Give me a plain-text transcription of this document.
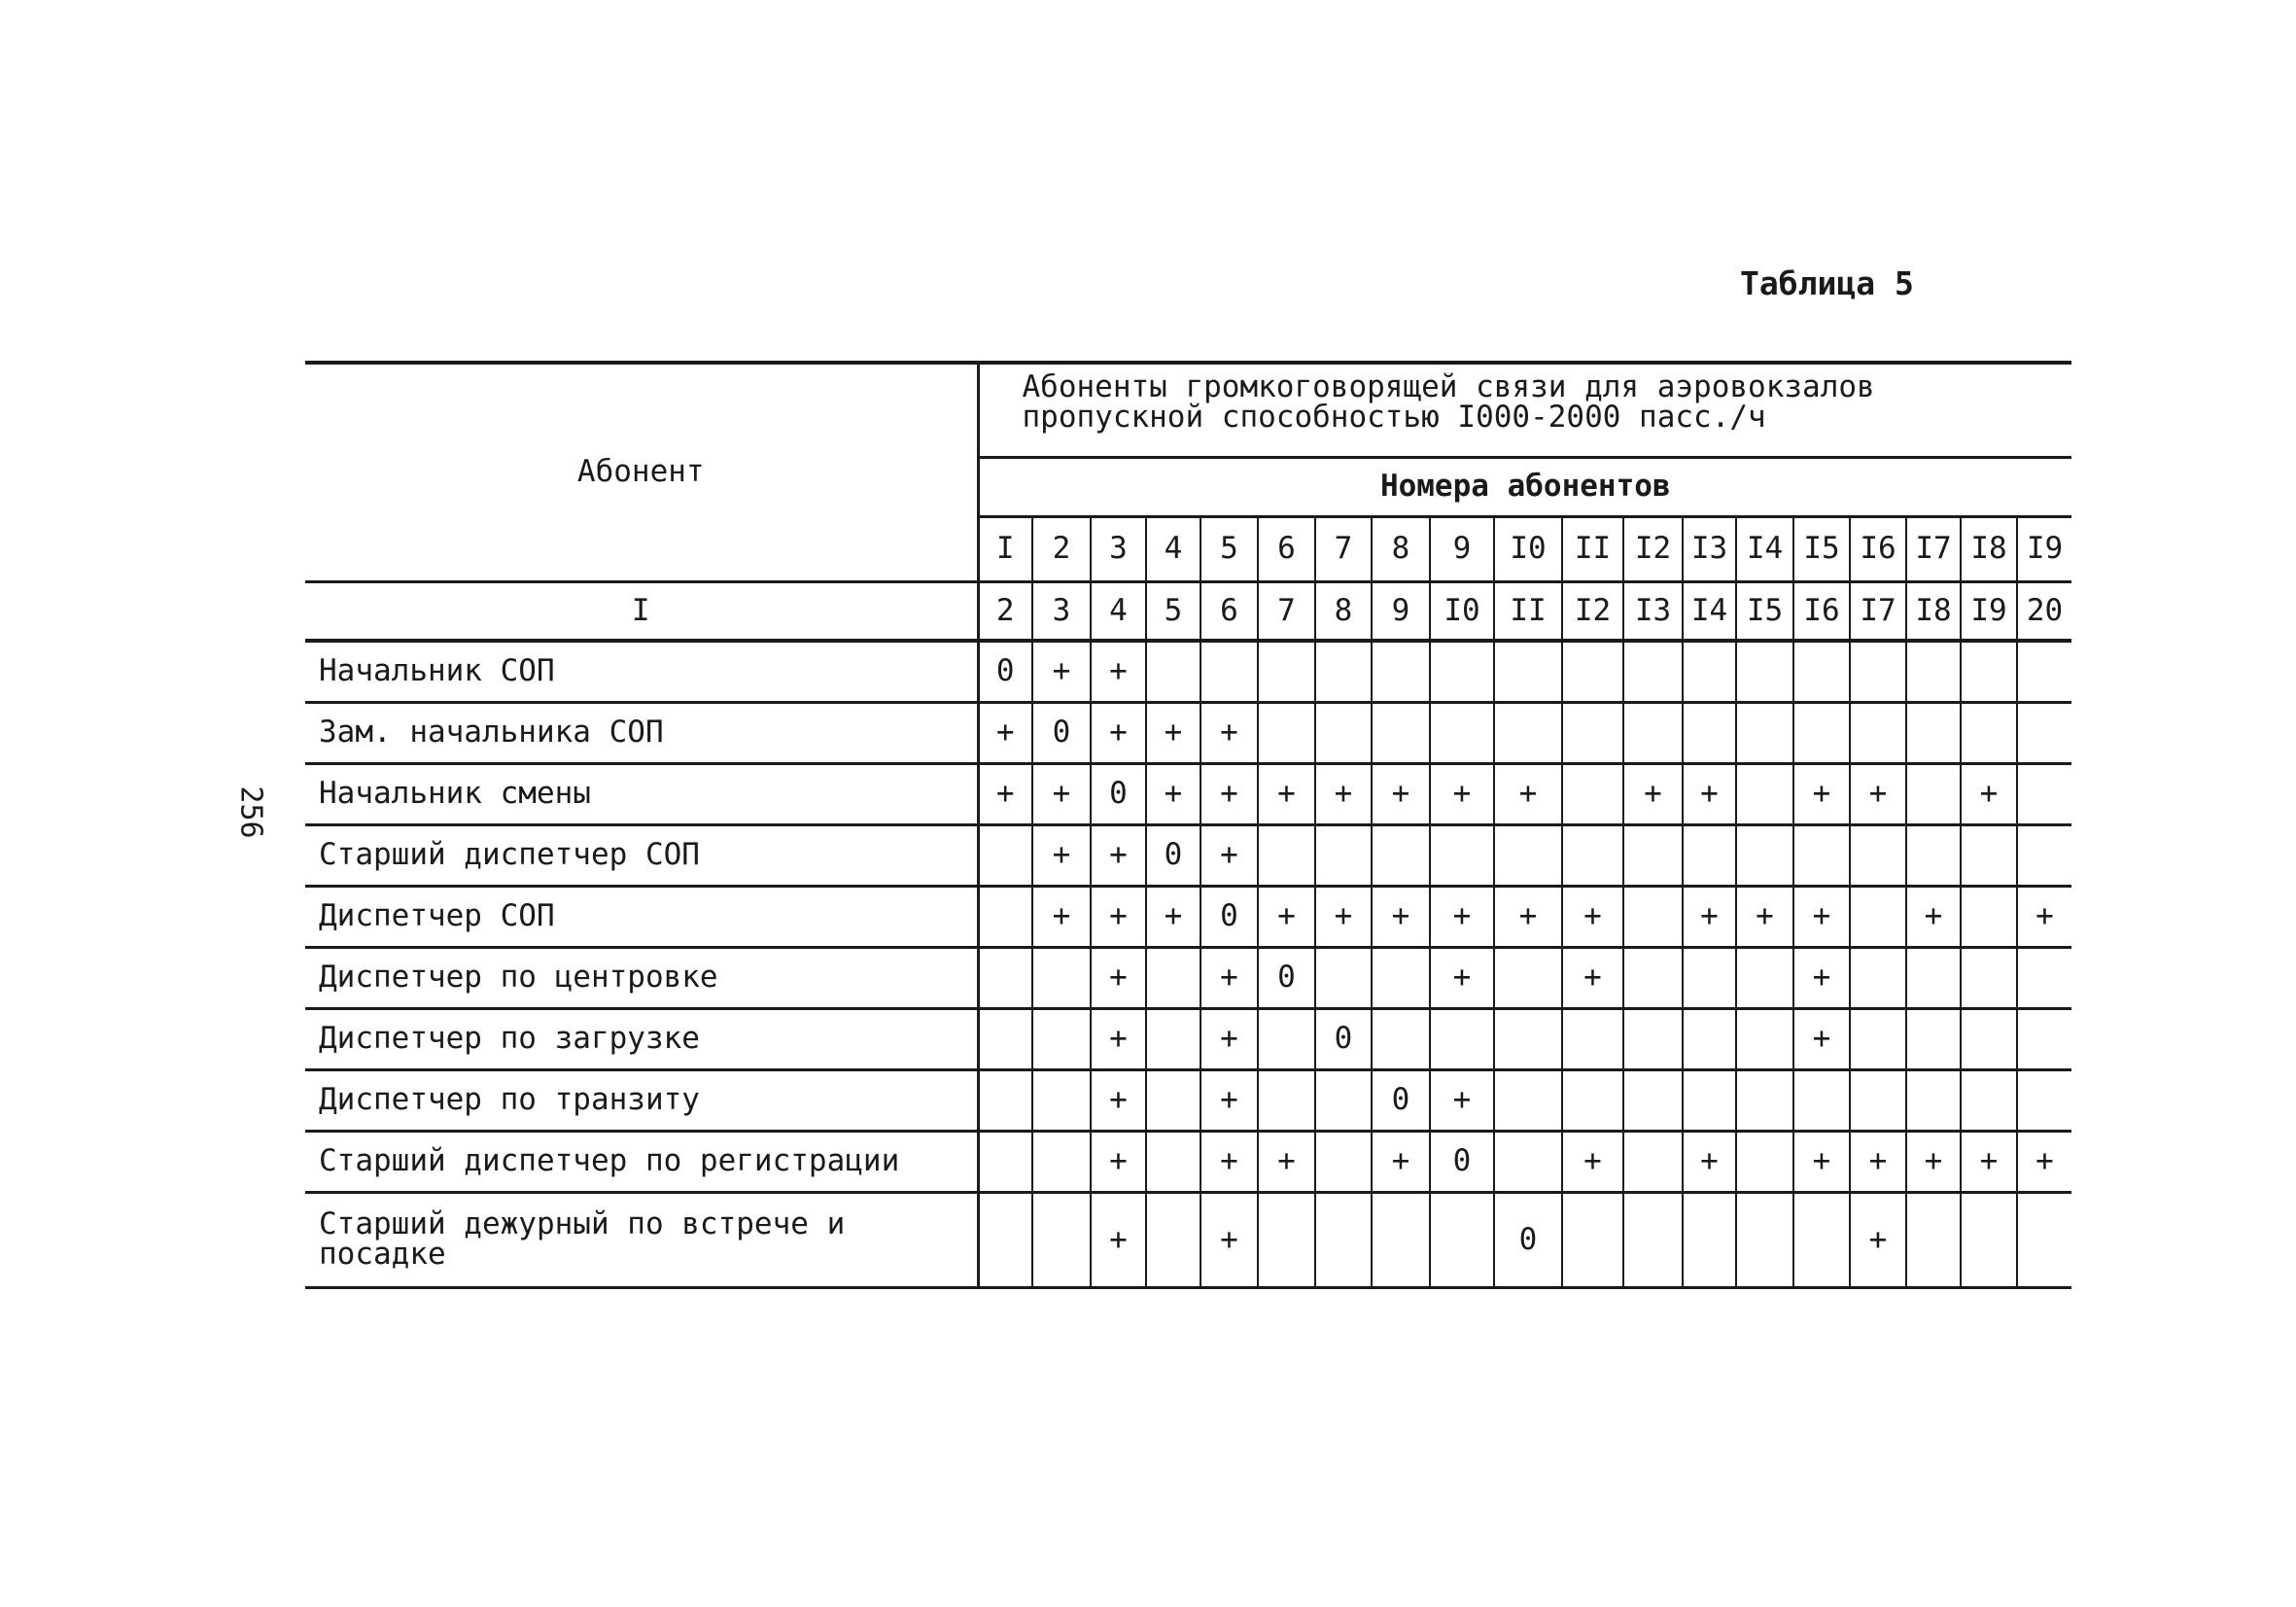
256
Таблица 5
Абонент	Абоненты громкоговорящей связи для аэровокзалов пропускной способностью I000-2000 пасс./ч																		
	Номера абонентов																		
	I	2	3	4	5	6	7	8	9	I0	II	I2	I3	I4	I5	I6	I7	I8	I9
I	2	3	4	5	6	7	8	9	I0	II	I2	I3	I4	I5	I6	I7	I8	I9	20
Начальник СОП	0	+	+																
Зам. начальника СОП	+	0	+	+	+														
Начальник смены	+	+	0	+	+	+	+	+	+	+		+	+		+	+		+	
Старший диспетчер СОП		+	+	0	+														
Диспетчер СОП		+	+	+	0	+	+	+	+	+	+		+	+	+		+		+
Диспетчер по центровке			+		+	0			+		+				+				
Диспетчер по загрузке			+		+		0								+				
Диспетчер по транзиту			+		+			0	+										
Старший диспетчер по регистрации			+		+	+		+	0		+		+		+	+	+	+	+
Старший дежурный по встрече и посадке			+		+					0						+			
